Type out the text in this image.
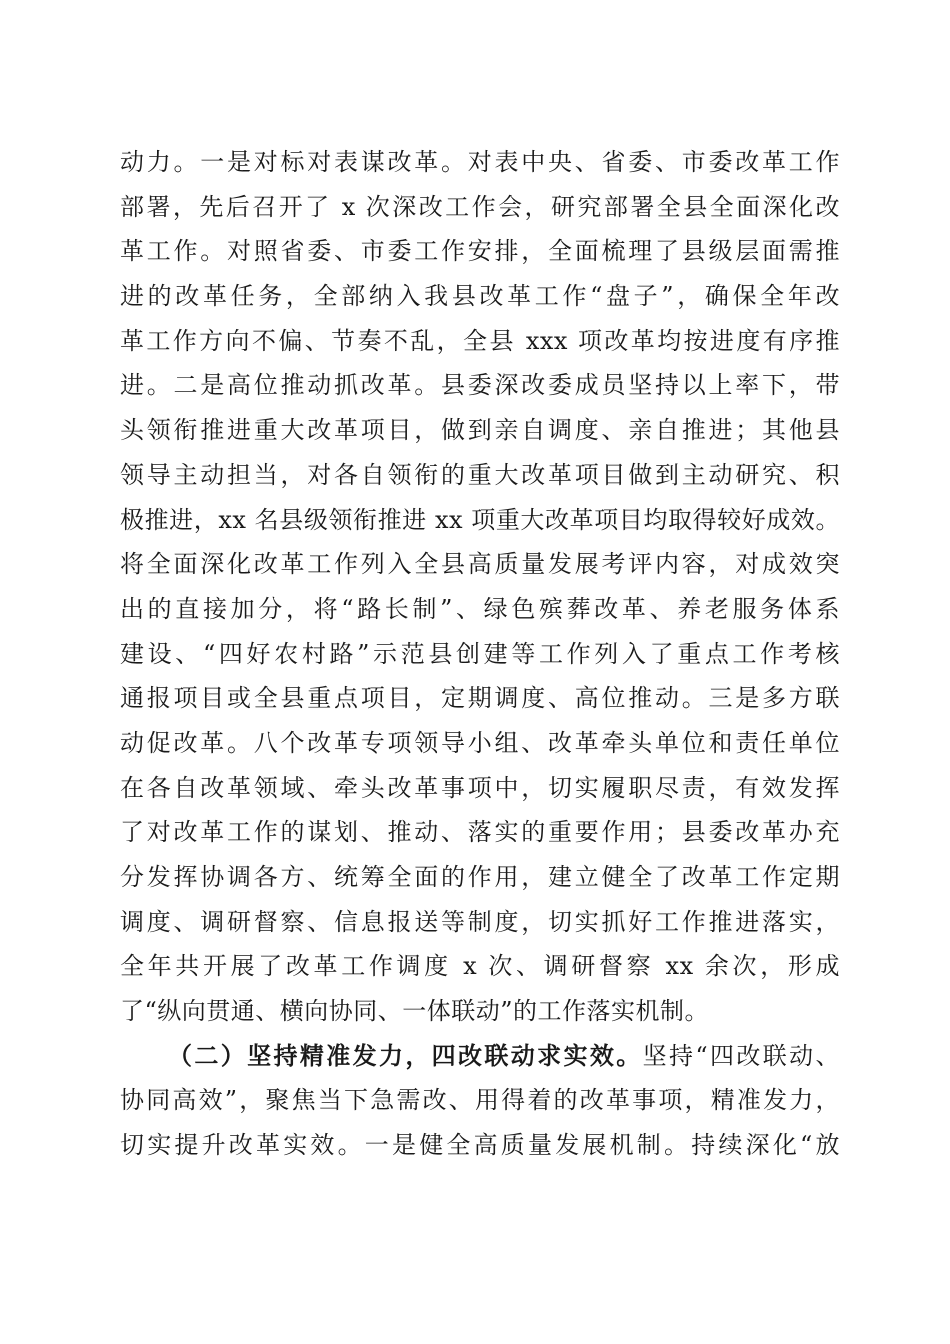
动力。一是对标对表谋改革。对表中央、省委、市委改革工作
部署，先后召开了 x 次深改工作会，研究部署全县全面深化改
革工作。对照省委、市委工作安排，全面梳理了县级层面需推
进的改革任务，全部纳入我县改革工作“盘子”，确保全年改
革工作方向不偏、节奏不乱，全县 xxx 项改革均按进度有序推
进。二是高位推动抓改革。县委深改委成员坚持以上率下，带
头领衔推进重大改革项目，做到亲自调度、亲自推进；其他县
领导主动担当，对各自领衔的重大改革项目做到主动研究、积
极推进，xx 名县级领衔推进 xx 项重大改革项目均取得较好成效。
将全面深化改革工作列入全县高质量发展考评内容，对成效突
出的直接加分，将“路长制”、绿色殡葬改革、养老服务体系
建设、“四好农村路”示范县创建等工作列入了重点工作考核
通报项目或全县重点项目，定期调度、高位推动。三是多方联
动促改革。八个改革专项领导小组、改革牵头单位和责任单位
在各自改革领域、牵头改革事项中，切实履职尽责，有效发挥
了对改革工作的谋划、推动、落实的重要作用；县委改革办充
分发挥协调各方、统筹全面的作用，建立健全了改革工作定期
调度、调研督察、信息报送等制度，切实抓好工作推进落实，
全年共开展了改革工作调度 x 次、调研督察 xx 余次，形成
了“纵向贯通、横向协同、一体联动”的工作落实机制。
（二）坚持精准发力，四改联动求实效。坚持“四改联动、
协同高效”，聚焦当下急需改、用得着的改革事项，精准发力，
切实提升改革实效。一是健全高质量发展机制。持续深化“放
